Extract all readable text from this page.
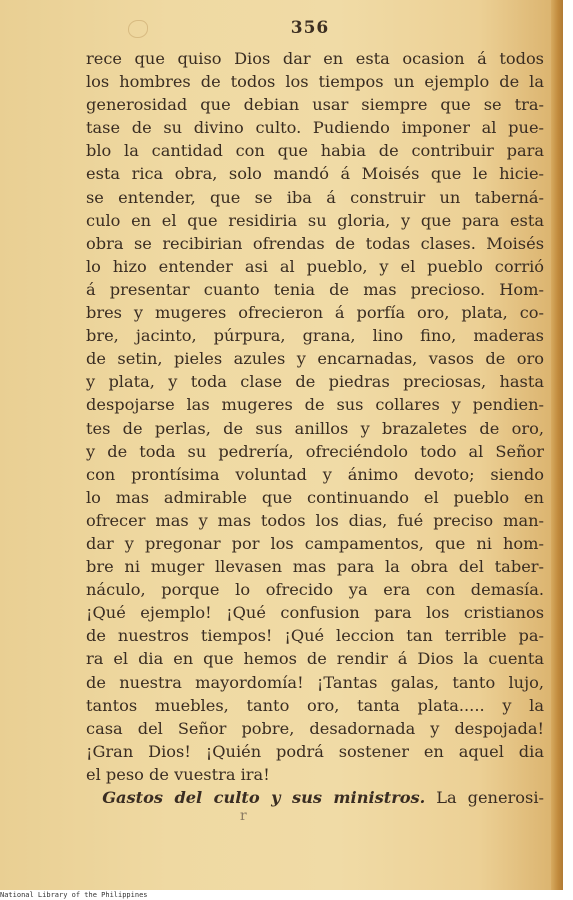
356
rece que quiso Dios dar en esta ocasion á todos
los hombres de todos los tiempos un ejemplo de la
generosidad que debian usar siempre que se tra-
tase de su divino culto. Pudiendo imponer al pue-
blo la cantidad con que habia de contribuir para
esta rica obra, solo mandó á Moisés que le hicie-
se entender, que se iba á construir un taberná-
culo en el que residiria su gloria, y que para esta
obra se recibirian ofrendas de todas clases. Moisés
lo hizo entender asi al pueblo, y el pueblo corrió
á presentar cuanto tenia de mas precioso. Hom-
bres y mugeres ofrecieron á porfía oro, plata, co-
bre, jacinto, púrpura, grana, lino fino, maderas
de setin, pieles azules y encarnadas, vasos de oro
y plata, y toda clase de piedras preciosas, hasta
despojarse las mugeres de sus collares y pendien-
tes de perlas, de sus anillos y brazaletes de oro,
y de toda su pedrería, ofreciéndolo todo al Señor
con prontísima voluntad y ánimo devoto; siendo
lo mas admirable que continuando el pueblo en
ofrecer mas y mas todos los dias, fué preciso man-
dar y pregonar por los campamentos, que ni hom-
bre ni muger llevasen mas para la obra del taber-
náculo, porque lo ofrecido ya era con demasía.
¡Qué ejemplo! ¡Qué confusion para los cristianos
de nuestros tiempos! ¡Qué leccion tan terrible pa-
ra el dia en que hemos de rendir á Dios la cuenta
de nuestra mayordomía! ¡Tantas galas, tanto lujo,
tantos muebles, tanto oro, tanta plata..... y la
casa del Señor pobre, desadornada y despojada!
¡Gran Dios! ¡Quién podrá sostener en aquel dia
el peso de vuestra ira!
 Gastos del culto y sus ministros. La generosi-
r
National Library of the Philippines
